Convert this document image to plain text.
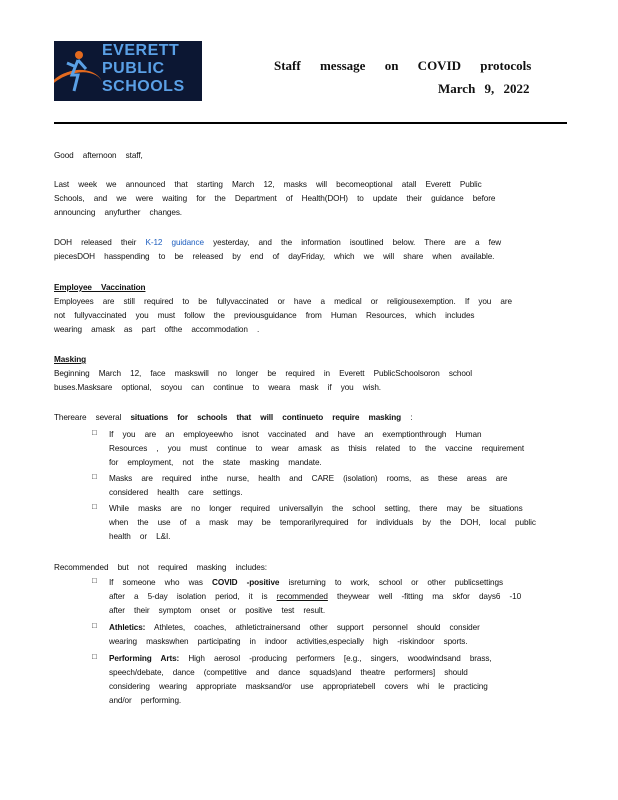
EVERETT
PUBLIC
SCHOOLS
Staff message on COVID protocols
March 9, 2022
Good afternoon staff,
Last week we announced that starting March 12, masks will becomeoptional atall Everett Public
Schools, and we were waiting for the Department of Health(DOH) to update their guidance before
announcing anyfurther changes.
DOH released their K-12 guidance yesterday, and the information isoutlined below. There are a few
piecesDOH hasspending to be released by end of dayFriday, which we will share when available.
Employee Vaccination
Employees are still required to be fullyvaccinated or have a medical or religiousexemption. If you are
not fullyvaccinated you must follow the previousguidance from Human Resources, which includes
wearing amask as part ofthe accommodation .
Masking
Beginning March 12, face maskswill no longer be required in Everett PublicSchoolsoron school
buses.Masksare optional, soyou can continue to weara mask if you wish.
Thereare several situations for schools that will continueto require masking :
□ If you are an employeewho isnot vaccinated and have an exemptionthrough Human
Resources , you must continue to wear amask as thisis related to the vaccine requirement
for employment, not the state masking mandate.
□ Masks are required inthe nurse, health and CARE (isolation) rooms, as these areas are
considered health care settings.
□ While masks are no longer required universallyin the school setting, there may be situations
when the use of a mask may be temporarilyrequired for individuals by the DOH, local public
health or L&I.
Recommended but not required masking includes:
□ If someone who was COVID -positive isreturning to work, school or other publicsettings
after a 5-day isolation period, it is recommended theywear well -fitting ma skfor days6 -10
after their symptom onset or positive test result.
□ Athletics: Athletes, coaches, athletictrainersand other support personnel should consider
wearing maskswhen participating in indoor activities,especially high -riskindoor sports.
□ Performing Arts: High aerosol -producing performers [e.g., singers, woodwindsand brass,
speech/debate, dance (competitive and dance squads)and theatre performers] should
considering wearing appropriate masksand/or use appropriatebell covers whi le practicing
and/or performing.
